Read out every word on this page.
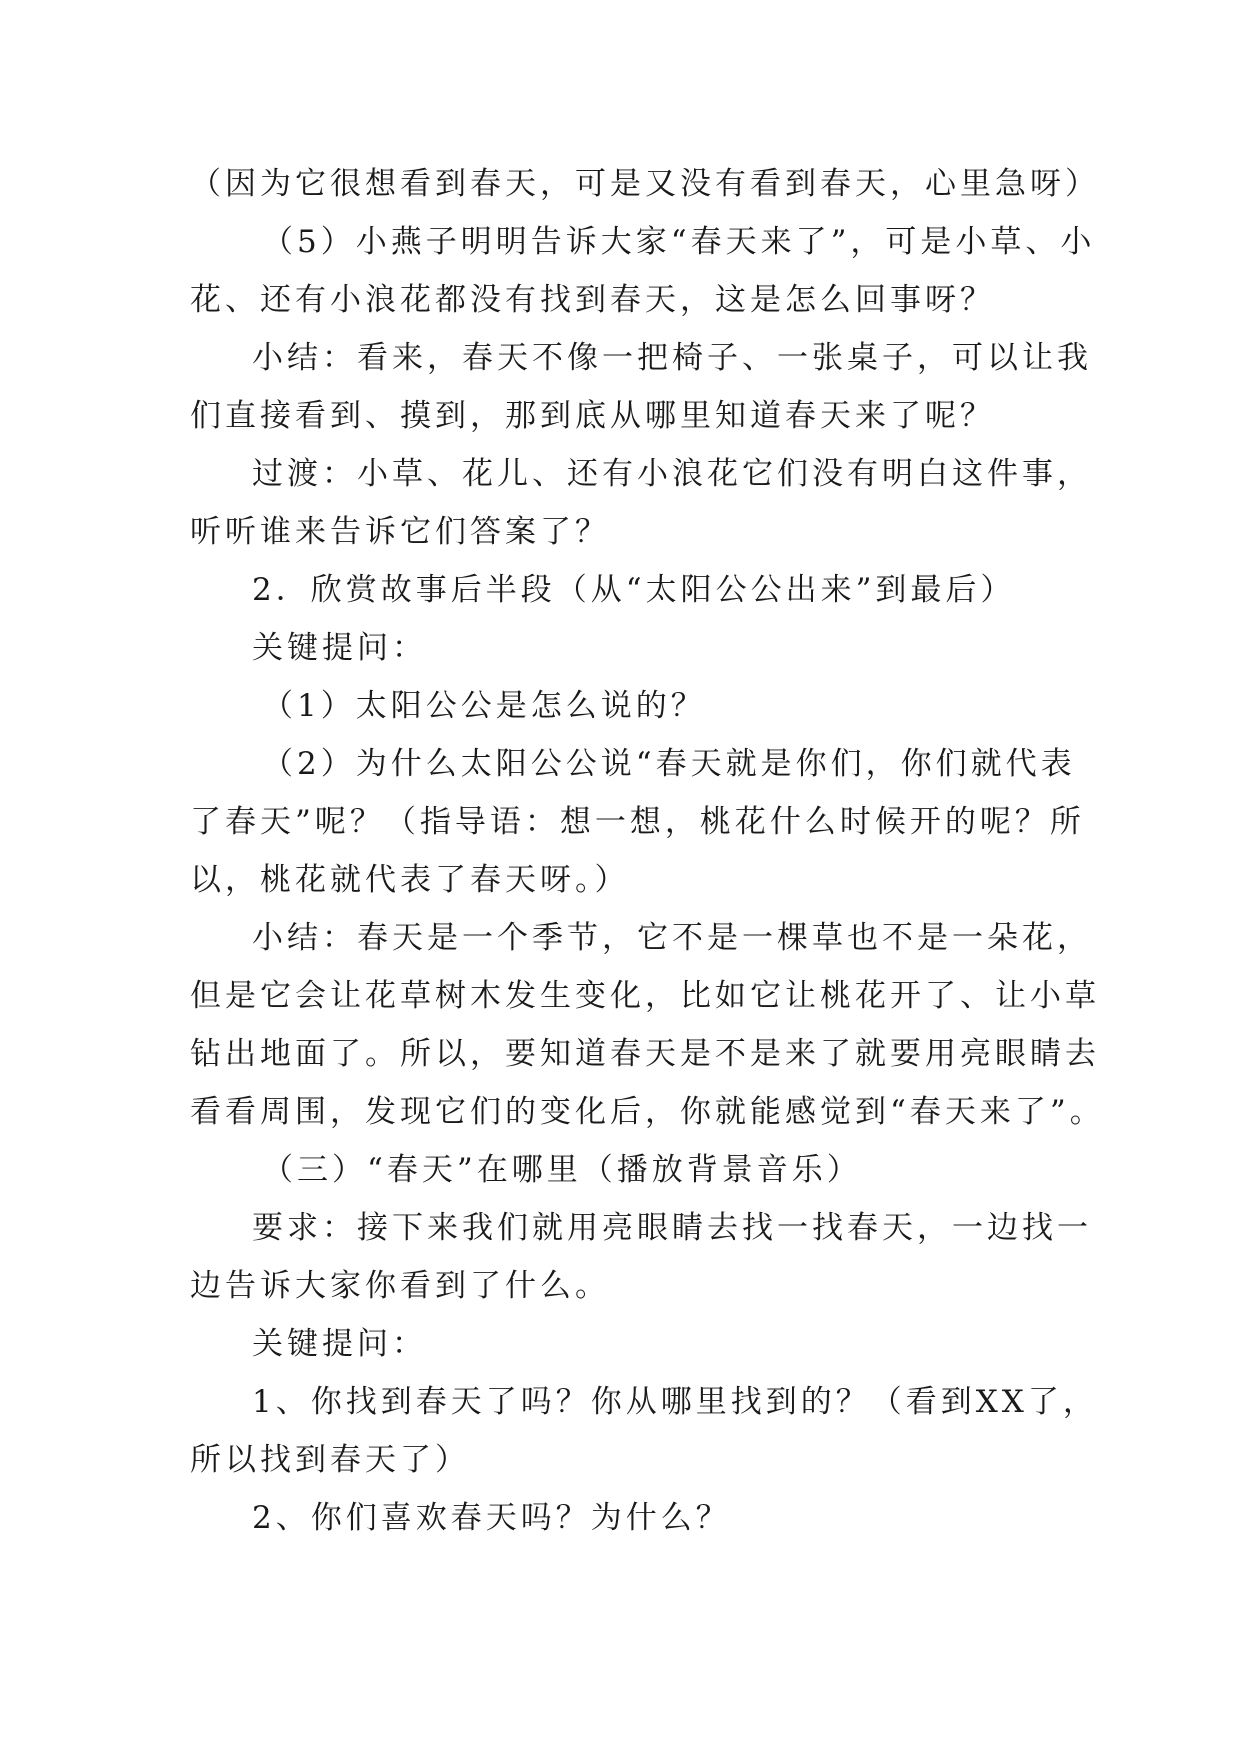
（因为它很想看到春天，可是又没有看到春天，心里急呀）
（5）小燕子明明告诉大家“春天来了”，可是小草、小
花、还有小浪花都没有找到春天，这是怎么回事呀？
小结：看来，春天不像一把椅子、一张桌子，可以让我
们直接看到、摸到，那到底从哪里知道春天来了呢？
过渡：小草、花儿、还有小浪花它们没有明白这件事，
听听谁来告诉它们答案了？
2．欣赏故事后半段（从“太阳公公出来”到最后）
关键提问：
（1）太阳公公是怎么说的？
（2）为什么太阳公公说“春天就是你们，你们就代表
了春天”呢？（指导语：想一想，桃花什么时候开的呢？所
以，桃花就代表了春天呀。）
小结：春天是一个季节，它不是一棵草也不是一朵花，
但是它会让花草树木发生变化，比如它让桃花开了、让小草
钻出地面了。所以，要知道春天是不是来了就要用亮眼睛去
看看周围，发现它们的变化后，你就能感觉到“春天来了”。
（三）“春天”在哪里（播放背景音乐）
要求：接下来我们就用亮眼睛去找一找春天，一边找一
边告诉大家你看到了什么。
关键提问：
1、你找到春天了吗？你从哪里找到的？（看到XX了，
所以找到春天了）
2、你们喜欢春天吗？为什么？
